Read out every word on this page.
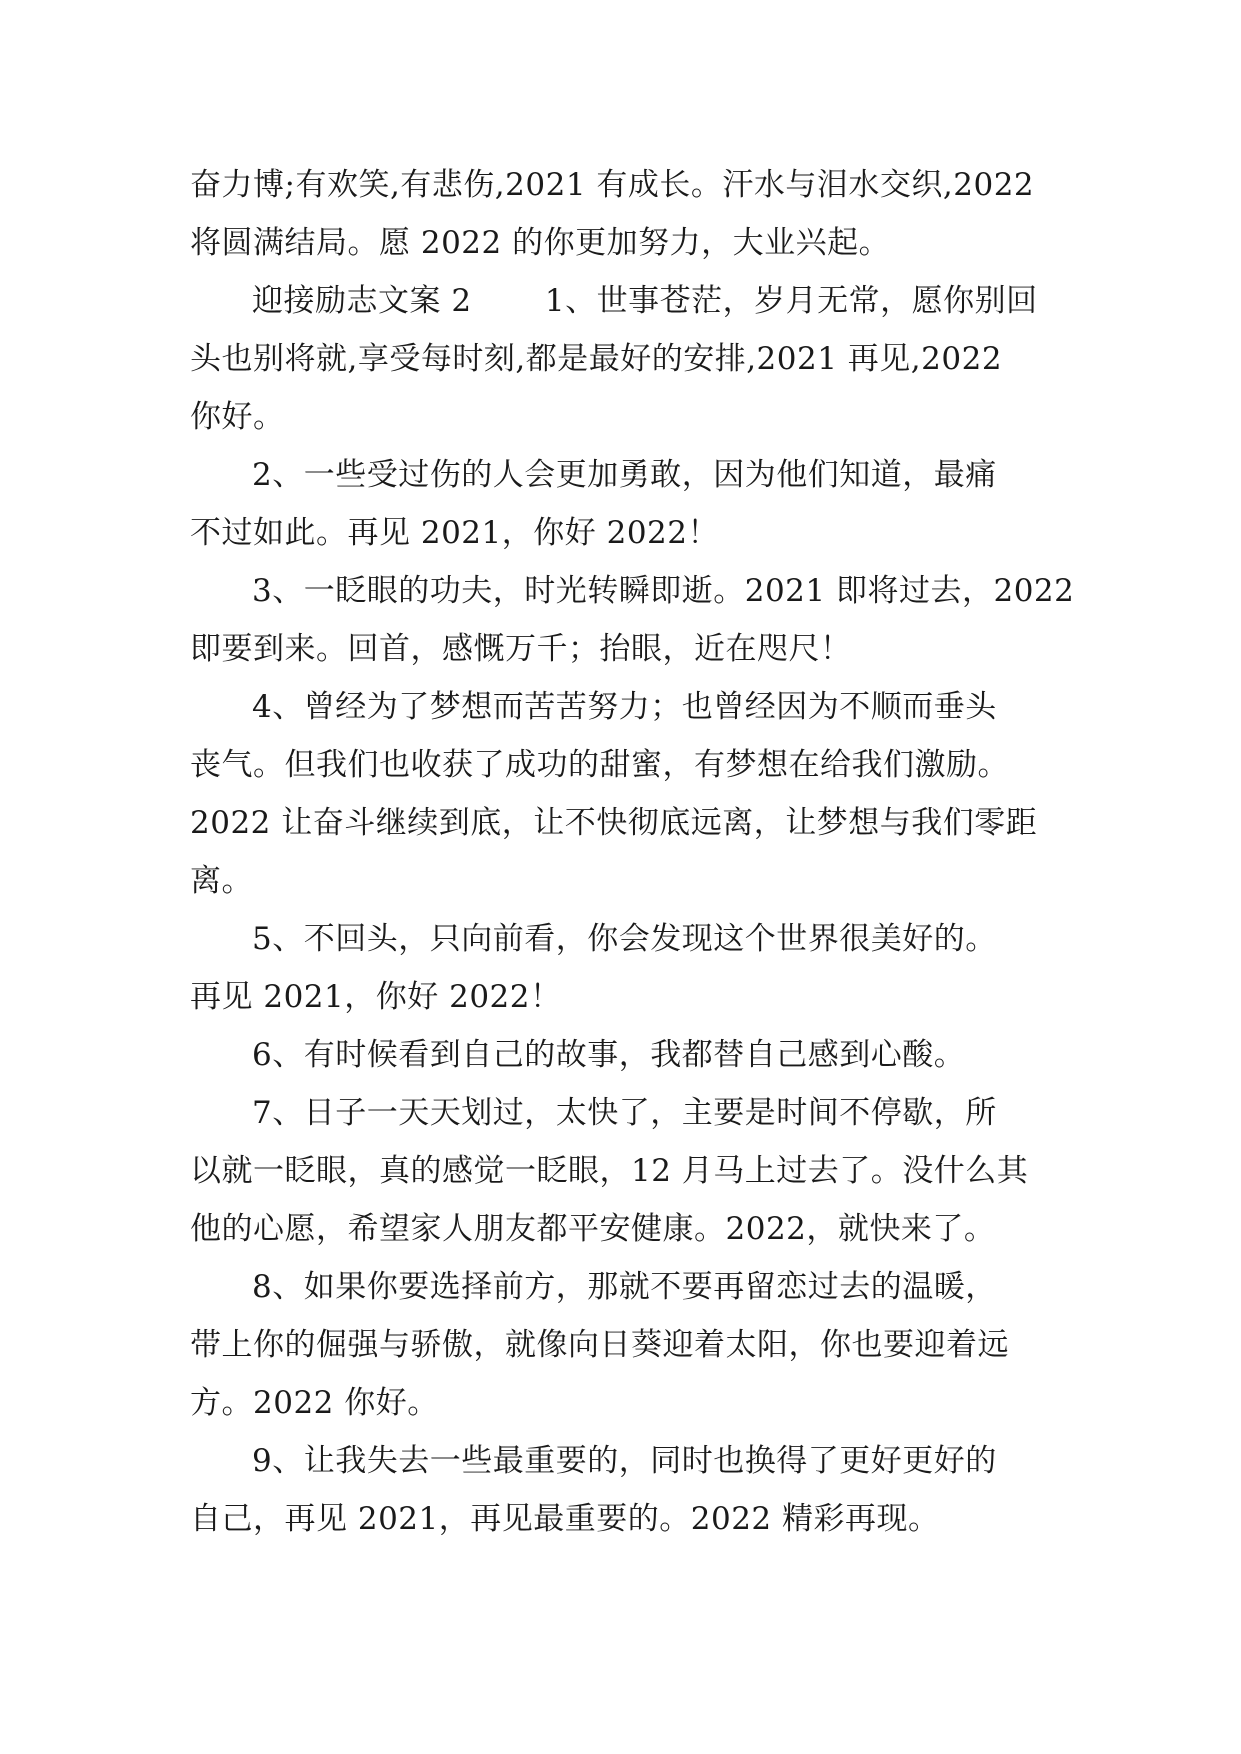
奋力博;有欢笑,有悲伤,2021 有成长。汗水与泪水交织,2022
将圆满结局。愿 2022 的你更加努力，大业兴起。
迎接励志文案 2　　 1、世事苍茫，岁月无常，愿你别回
头也别将就,享受每时刻,都是最好的安排,2021 再见,2022
你好。
2、一些受过伤的人会更加勇敢，因为他们知道，最痛
不过如此。再见 2021，你好 2022！
3、一眨眼的功夫，时光转瞬即逝。2021 即将过去，2022
即要到来。回首，感慨万千；抬眼，近在咫尺！
4、曾经为了梦想而苦苦努力；也曾经因为不顺而垂头
丧气。但我们也收获了成功的甜蜜，有梦想在给我们激励。
2022 让奋斗继续到底，让不快彻底远离，让梦想与我们零距
离。
5、不回头，只向前看，你会发现这个世界很美好的。
再见 2021，你好 2022！
6、有时候看到自己的故事，我都替自己感到心酸。
7、日子一天天划过，太快了，主要是时间不停歇，所
以就一眨眼，真的感觉一眨眼，12 月马上过去了。没什么其
他的心愿，希望家人朋友都平安健康。2022，就快来了。
8、如果你要选择前方，那就不要再留恋过去的温暖，
带上你的倔强与骄傲，就像向日葵迎着太阳，你也要迎着远
方。2022 你好。
9、让我失去一些最重要的，同时也换得了更好更好的
自己，再见 2021，再见最重要的。2022 精彩再现。
